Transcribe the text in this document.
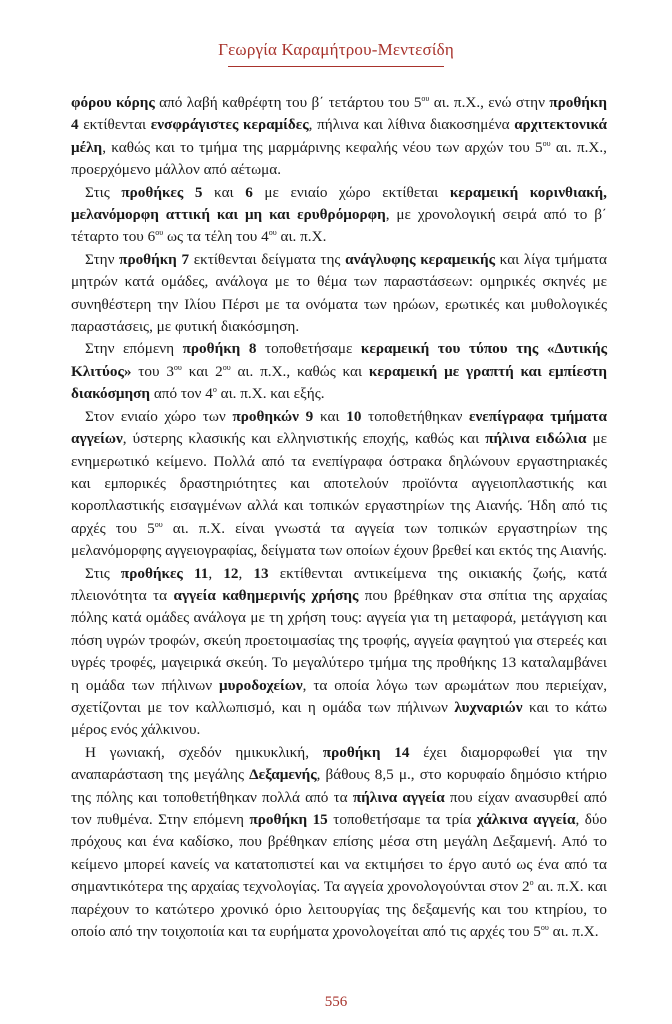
Γεωργία Καραμήτρου-Μεντεσίδη

φόρου κόρης από λαβή καθρέφτη του β΄ τετάρτου του $5^{o\upsilon}$ αι. π.Χ., ενώ στην προθήκη 4 εκτίθενται ενσφράγιστες κεραμίδες, πήλινα και λίθινα διακοσημένα αρχιτεκτονικά μέλη, καθώς και το τμήμα της μαρμάρινης κεφαλής νέου των αρχών του $5^{o\upsilon}$ αι. π.Χ., προερχόμενο μάλλον από αέτωμα.

Στις προθήκες 5 και 6 με ενιαίο χώρο εκτίθεται κεραμεική κορινθιακή, μελανόμορφη αττική και μη και ερυθρόμορφη, με χρονολογική σειρά από το β΄ τέταρτο του $6^{o\upsilon}$ ως τα τέλη του $4^{o\upsilon}$ αι. π.Χ.

Στην προθήκη 7 εκτίθενται δείγματα της ανάγλυφης κεραμεικής και λίγα τμήματα μητρών κατά ομάδες, ανάλογα με το θέμα των παραστάσεων: ομηρικές σκηνές με συνηθέστερη την Ιλίου Πέρσι με τα ονόματα των ηρώων, ερωτικές και μυθολογικές παραστάσεις, με φυτική διακόσμηση.

Στην επόμενη προθήκη 8 τοποθετήσαμε κεραμεική του τύπου της «Δυτικής Κλιτύος» του $3^{o\upsilon}$ και $2^{o\upsilon}$ αι. π.Χ., καθώς και κεραμεική με γραπτή και εμπίεστη διακόσμηση από τον $4^o$ αι. π.Χ. και εξής.

Στον ενιαίο χώρο των προθηκών 9 και 10 τοποθετήθηκαν ενεπίγραφα τμήματα αγγείων, ύστερης κλασικής και ελληνιστικής εποχής, καθώς και πήλινα ειδώλια με ενημερωτικό κείμενο. Πολλά από τα ενεπίγραφα όστρακα δηλώνουν εργαστηριακές και εμπορικές δραστηριότητες και αποτελούν προϊόντα αγγειοπλαστικής και κοροπλαστικής εισαγμένων αλλά και τοπικών εργαστηρίων της Αιανής. Ήδη από τις αρχές του $5^{o\upsilon}$ αι. π.Χ. είναι γνωστά τα αγγεία των τοπικών εργαστηρίων της μελανόμορφης αγγειογραφίας, δείγματα των οποίων έχουν βρεθεί και εκτός της Αιανής.

Στις προθήκες 11, 12, 13 εκτίθενται αντικείμενα της οικιακής ζωής, κατά πλειονότητα τα αγγεία καθημερινής χρήσης που βρέθηκαν στα σπίτια της αρχαίας πόλης κατά ομάδες ανάλογα με τη χρήση τους: αγγεία για τη μεταφορά, μετάγγιση και πόση υγρών τροφών, σκεύη προετοιμασίας της τροφής, αγγεία φαγητού για στερεές και υγρές τροφές, μαγειρικά σκεύη. Το μεγαλύτερο τμήμα της προθήκης 13 καταλαμβάνει η ομάδα των πήλινων μυροδοχείων, τα οποία λόγω των αρωμάτων που περιείχαν, σχετίζονται με τον καλλωπισμό, και η ομάδα των πήλινων λυχναριών και το κάτω μέρος ενός χάλκινου.

Η γωνιακή, σχεδόν ημικυκλική, προθήκη 14 έχει διαμορφωθεί για την αναπαράσταση της μεγάλης Δεξαμενής, βάθους 8,5 μ., στο κορυφαίο δημόσιο κτήριο της πόλης και τοποθετήθηκαν πολλά από τα πήλινα αγγεία που είχαν ανασυρθεί από τον πυθμένα. Στην επόμενη προθήκη 15 τοποθετήσαμε τα τρία χάλκινα αγγεία, δύο πρόχους και ένα καδίσκο, που βρέθηκαν επίσης μέσα στη μεγάλη Δεξαμενή. Από το κείμενο μπορεί κανείς να κατατοπιστεί και να εκτιμήσει το έργο αυτό ως ένα από τα σημαντικότερα της αρχαίας τεχνολογίας. Τα αγγεία χρονολογούνται στον $2^o$ αι. π.Χ. και παρέχουν το κατώτερο χρονικό όριο λειτουργίας της δεξαμενής και του κτηρίου, το οποίο από την τοιχοποιία και τα ευρήματα χρονολογείται από τις αρχές του $5^{o\upsilon}$ αι. π.Χ.

556
